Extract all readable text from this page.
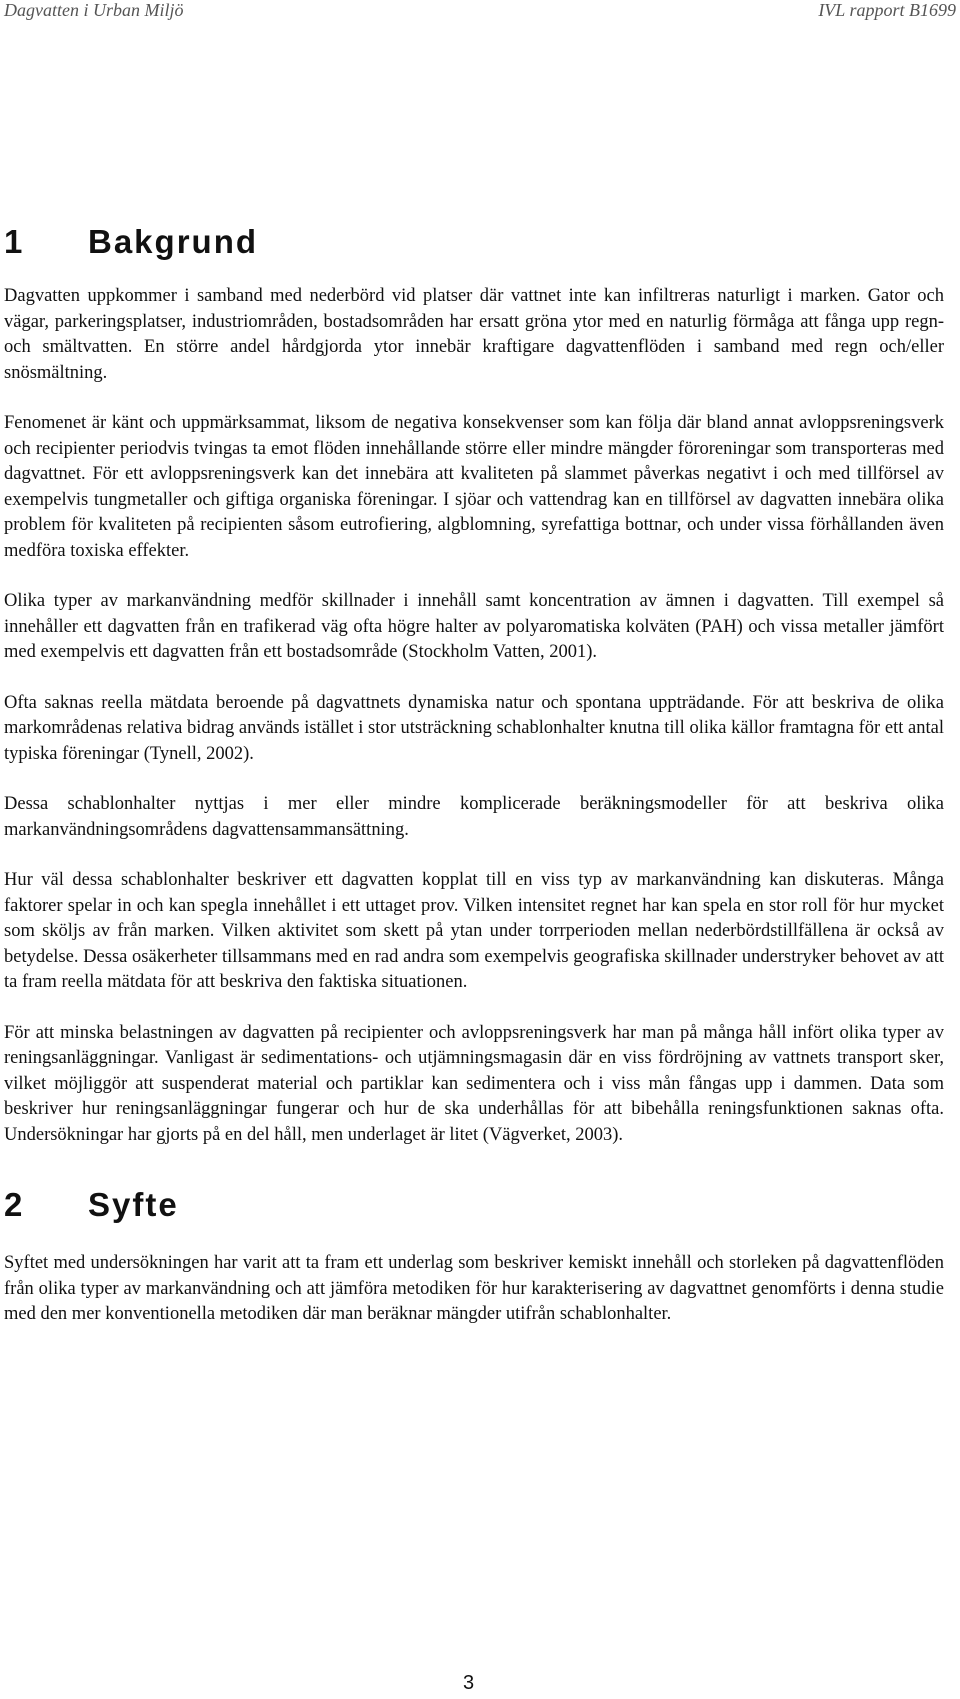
Dagvatten i Urban Miljö	IVL rapport B1699
1 Bakgrund

Dagvatten uppkommer i samband med nederbörd vid platser där vattnet inte kan infiltreras naturligt i marken. Gator och vägar, parkeringsplatser, industriområden, bostadsområden har ersatt gröna ytor med en naturlig förmåga att fånga upp regn- och smältvatten. En större andel hårdgjorda ytor innebär kraftigare dagvattenflöden i samband med regn och/eller snösmältning.

Fenomenet är känt och uppmärksammat, liksom de negativa konsekvenser som kan följa där bland annat avloppsreningsverk och recipienter periodvis tvingas ta emot flöden innehållande större eller mindre mängder föroreningar som transporteras med dagvattnet. För ett avloppsreningsverk kan det innebära att kvaliteten på slammet påverkas negativt i och med tillförsel av exempelvis tungmetaller och giftiga organiska föreningar. I sjöar och vattendrag kan en tillförsel av dagvatten innebära olika problem för kvaliteten på recipienten såsom eutrofiering, algblomning, syrefattiga bottnar, och under vissa förhållanden även medföra toxiska effekter.

Olika typer av markanvändning medför skillnader i innehåll samt koncentration av ämnen i dagvatten. Till exempel så innehåller ett dagvatten från en trafikerad väg ofta högre halter av polyaromatiska kolväten (PAH) och vissa metaller jämfört med exempelvis ett dagvatten från ett bostadsområde (Stockholm Vatten, 2001).

Ofta saknas reella mätdata beroende på dagvattnets dynamiska natur och spontana uppträdande. För att beskriva de olika markområdenas relativa bidrag används istället i stor utsträckning schablonhalter knutna till olika källor framtagna för ett antal typiska föreningar (Tynell, 2002).

Dessa schablonhalter nyttjas i mer eller mindre komplicerade beräkningsmodeller för att beskriva olika markanvändningsområdens dagvattensammansättning.

Hur väl dessa schablonhalter beskriver ett dagvatten kopplat till en viss typ av markanvändning kan diskuteras. Många faktorer spelar in och kan spegla innehållet i ett uttaget prov. Vilken intensitet regnet har kan spela en stor roll för hur mycket som sköljs av från marken. Vilken aktivitet som skett på ytan under torrperioden mellan nederbördstillfällena är också av betydelse. Dessa osäkerheter tillsammans med en rad andra som exempelvis geografiska skillnader understryker behovet av att ta fram reella mätdata för att beskriva den faktiska situationen.

För att minska belastningen av dagvatten på recipienter och avloppsreningsverk har man på många håll infört olika typer av reningsanläggningar. Vanligast är sedimentations- och utjämningsmagasin där en viss fördröjning av vattnets transport sker, vilket möjliggör att suspenderat material och partiklar kan sedimentera och i viss mån fångas upp i dammen. Data som beskriver hur reningsanläggningar fungerar och hur de ska underhållas för att bibehålla reningsfunktionen saknas ofta. Undersökningar har gjorts på en del håll, men underlaget är litet (Vägverket, 2003).

2 Syfte

Syftet med undersökningen har varit att ta fram ett underlag som beskriver kemiskt innehåll och storleken på dagvattenflöden från olika typer av markanvändning och att jämföra metodiken för hur karakterisering av dagvattnet genomförts i denna studie med den mer konventionella metodiken där man beräknar mängder utifrån schablonhalter.

3
